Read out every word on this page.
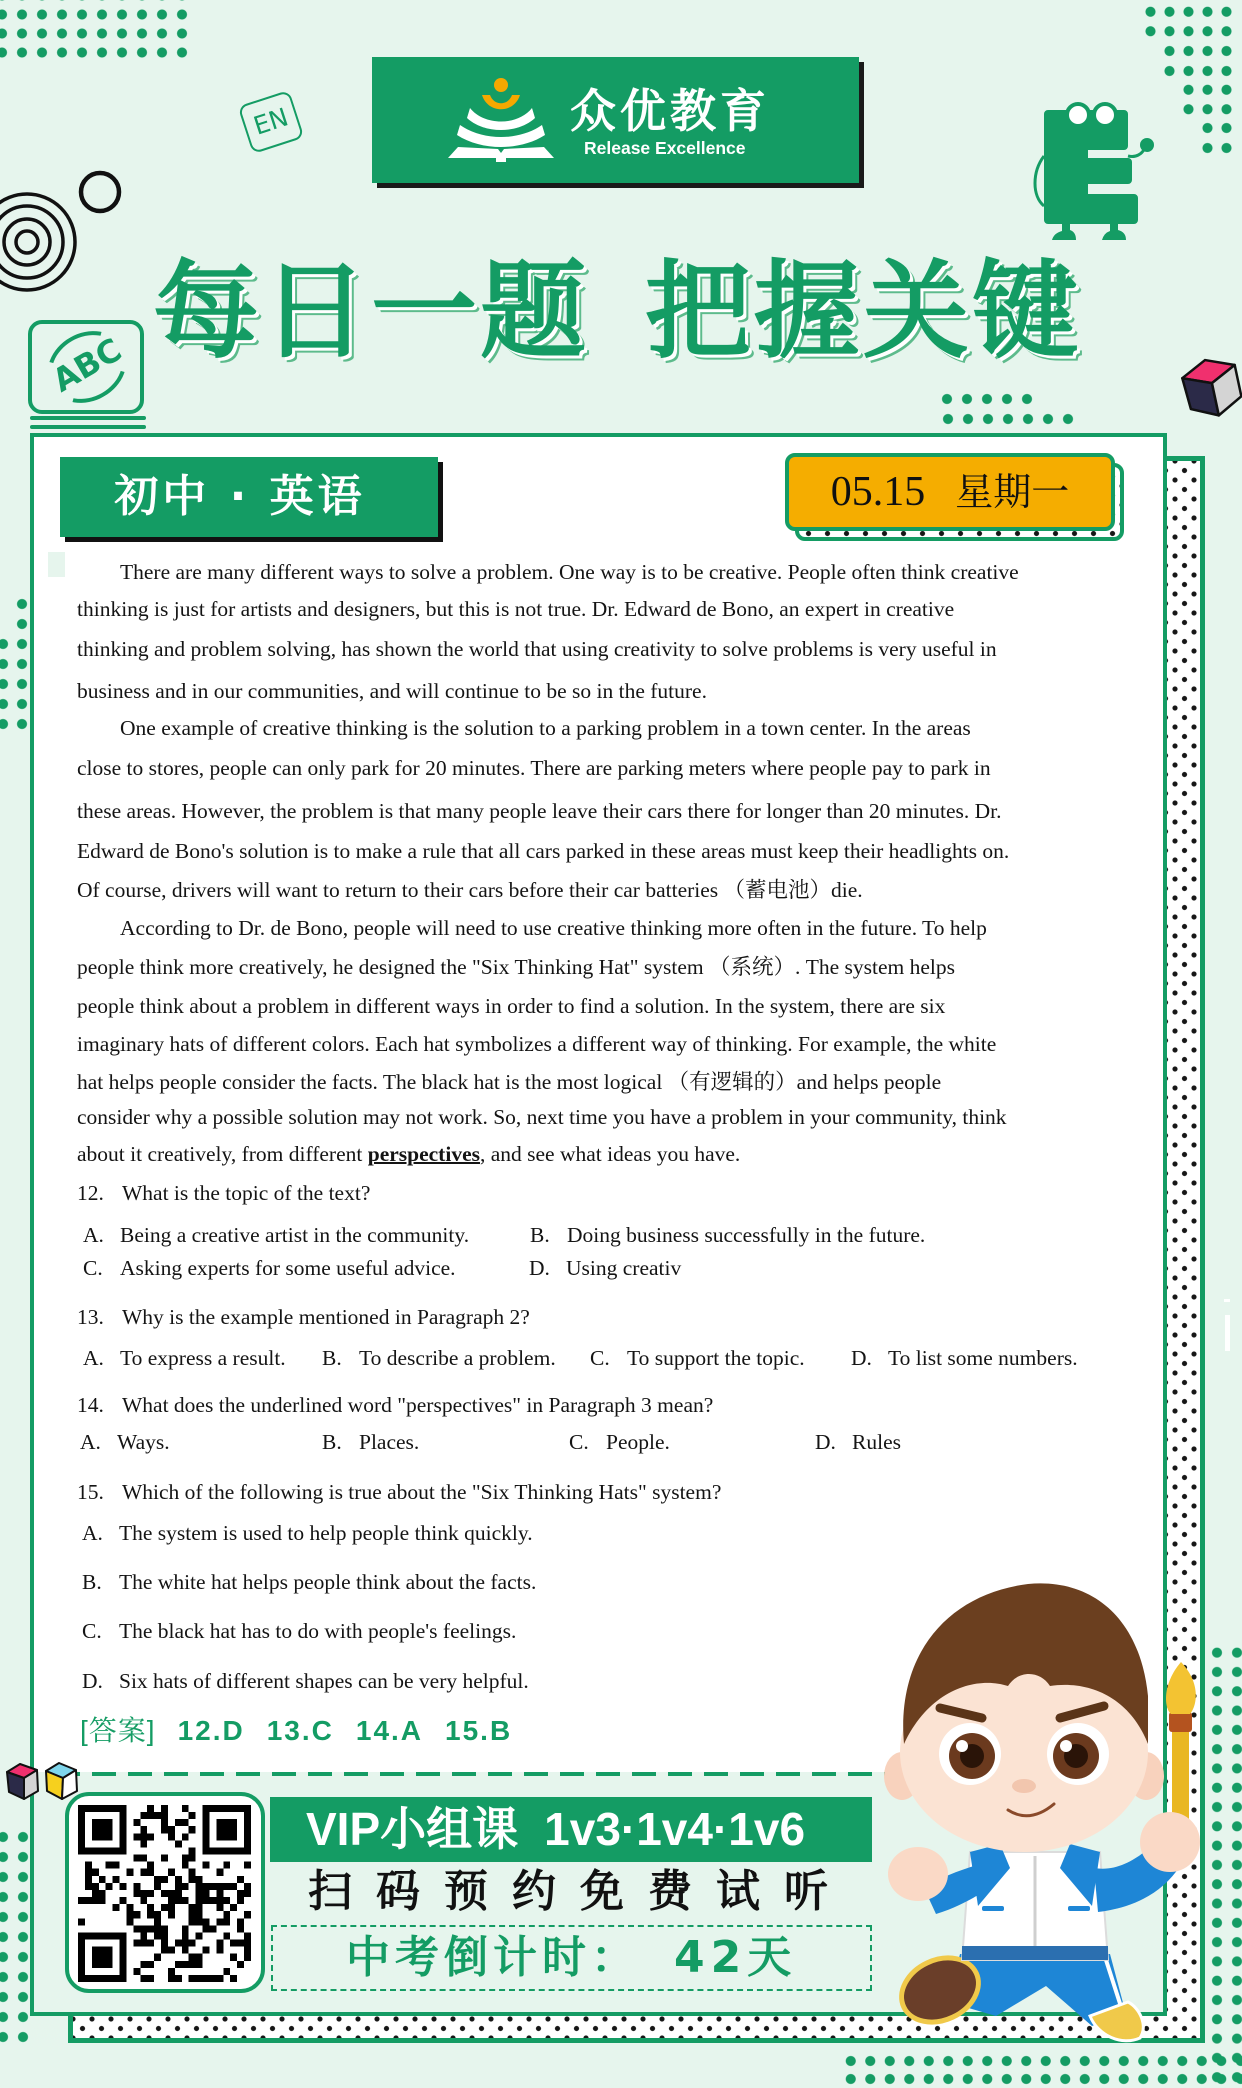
众优教育
Release Excellence
EN
ABC 每日一题 把握关键
初中 · 英语	05.15 星期一
There are many different ways to solve a problem. One way is to be creative. People often think creative
thinking is just for artists and designers, but this is not true. Dr. Edward de Bono, an expert in creative
thinking and problem solving, has shown the world that using creativity to solve problems is very useful in
business and in our communities, and will continue to be so in the future.
One example of creative thinking is the solution to a parking problem in a town center. In the areas
close to stores, people can only park for 20 minutes. There are parking meters where people pay to park in
these areas. However, the problem is that many people leave their cars there for longer than 20 minutes. Dr.
Edward de Bono's solution is to make a rule that all cars parked in these areas must keep their headlights on.
Of course, drivers will want to return to their cars before their car batteries （蓄电池）die.
According to Dr. de Bono, people will need to use creative thinking more often in the future. To help
people think more creatively, he designed the "Six Thinking Hat" system （系统）. The system helps
people think about a problem in different ways in order to find a solution. In the system, there are six
imaginary hats of different colors. Each hat symbolizes a different way of thinking. For example, the white
hat helps people consider the facts. The black hat is the most logical （有逻辑的）and helps people
consider why a possible solution may not work. So, next time you have a problem in your community, think
about it creatively, from different perspectives, and see what ideas you have.
12. What is the topic of the text?
A. Being a creative artist in the community.	B. Doing business successfully in the future.
C. Asking experts for some useful advice.	D. Using creativ
13. Why is the example mentioned in Paragraph 2?
A. To express a result. B. To describe a problem. C. To support the topic. D. To list some numbers.
14. What does the underlined word "perspectives" in Paragraph 3 mean?
A. Ways.	B. Places.	C. People.	D. Rules
15. Which of the following is true about the "Six Thinking Hats" system?
A. The system is used to help people think quickly.
B. The white hat helps people think about the facts.
C. The black hat has to do with people's feelings.
D. Six hats of different shapes can be very helpful.
[答案] 12.D 13.C 14.A 15.B
VIP小组课 1v3·1v4·1v6
扫码预约免费试听
中考倒计时： 42天
